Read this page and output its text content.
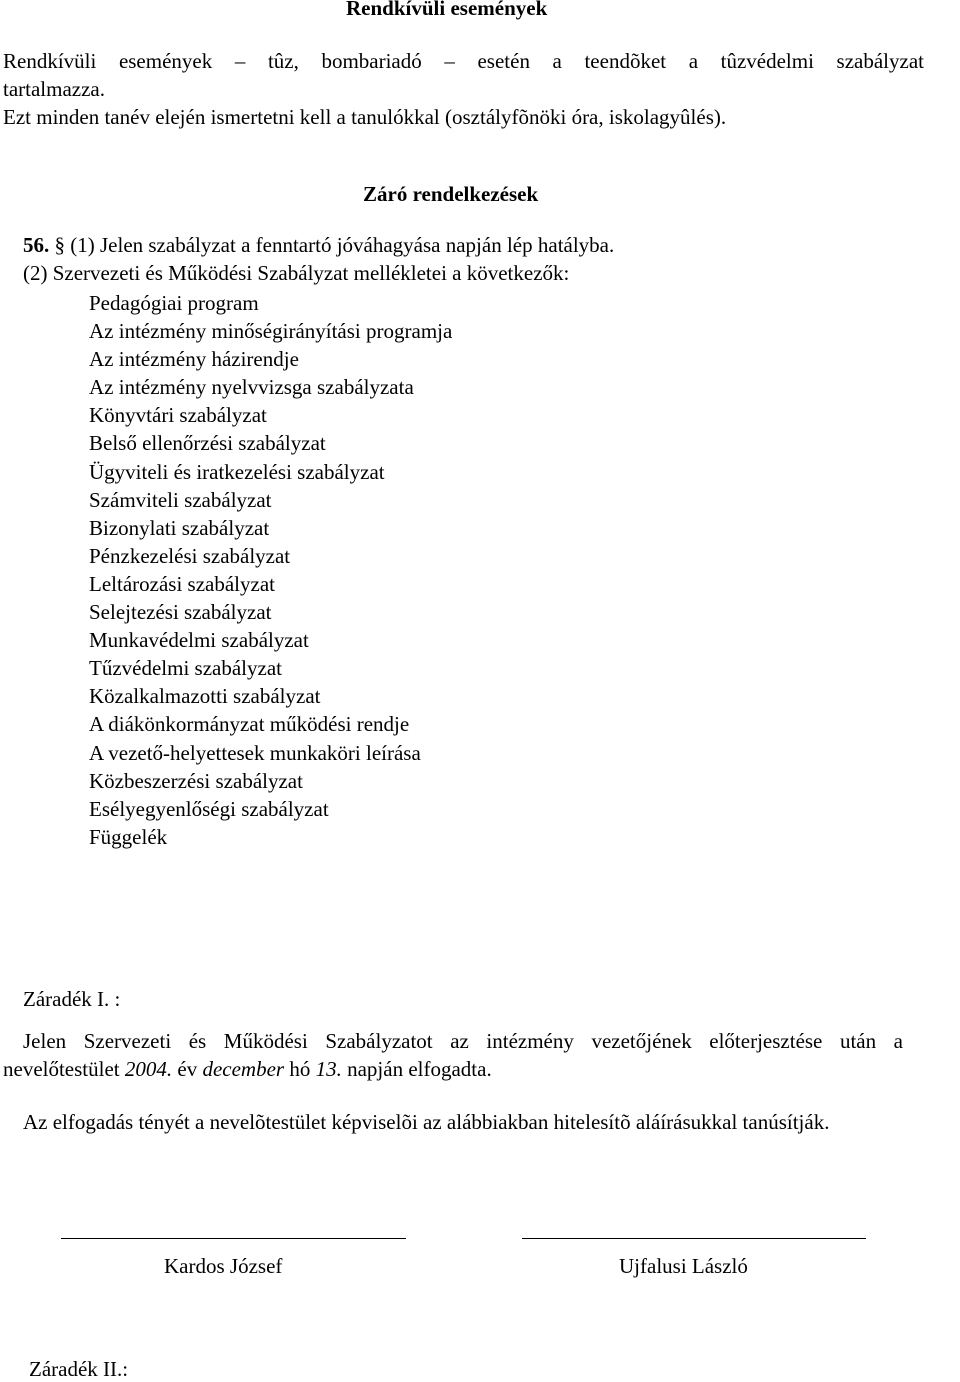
Rendkívüli események
Rendkívüli események – tûz, bombariadó – esetén a teendõket a tûzvédelmi szabályzat
tartalmazza.
Ezt minden tanév elején ismertetni kell a tanulókkal (osztályfõnöki óra, iskolagyûlés).
Záró rendelkezések
56. § (1) Jelen szabályzat a fenntartó jóváhagyása napján lép hatályba.
(2) Szervezeti és Működési Szabályzat mellékletei a következők:
Pedagógiai program
Az intézmény minőségirányítási programja
Az intézmény házirendje
Az intézmény nyelvvizsga szabályzata
Könyvtári szabályzat
Belső ellenőrzési szabályzat
Ügyviteli és iratkezelési szabályzat
Számviteli szabályzat
Bizonylati szabályzat
Pénzkezelési szabályzat
Leltározási szabályzat
Selejtezési szabályzat
Munkavédelmi szabályzat
Tűzvédelmi szabályzat
Közalkalmazotti szabályzat
A diákönkormányzat működési rendje
A vezető-helyettesek munkaköri leírása
Közbeszerzési szabályzat
Esélyegyenlőségi szabályzat
Függelék
Záradék I. :
Jelen Szervezeti és Működési Szabályzatot az intézmény vezetőjének előterjesztése után a
nevelőtestület 2004. év december hó 13. napján elfogadta.
Az elfogadás tényét a nevelõtestület képviselõi az alábbiakban hitelesítõ aláírásukkal tanúsítják.
Kardos József	Ujfalusi László
Záradék II.:
